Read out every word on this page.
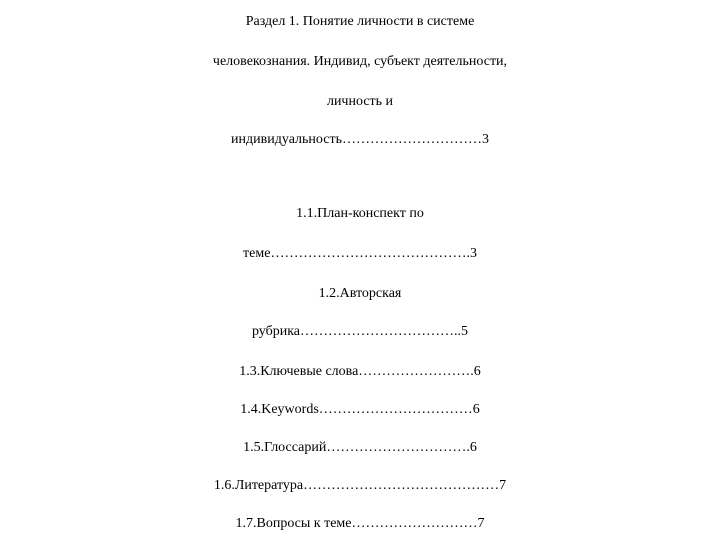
Раздел 1. Понятие личности в системе
человекознания. Индивид, субъект деятельности,
личность и
индивидуальность…………………………3
1.1.План-конспект по
теме…………………………………….3
1.2.Авторская
рубрика……………………………..5
1.3.Ключевые слова…………………….6
1.4.Keywords……………………………6
1.5.Глоссарий………………………….6
1.6.Литература……………………………………7
1.7.Вопросы к теме………………………7
